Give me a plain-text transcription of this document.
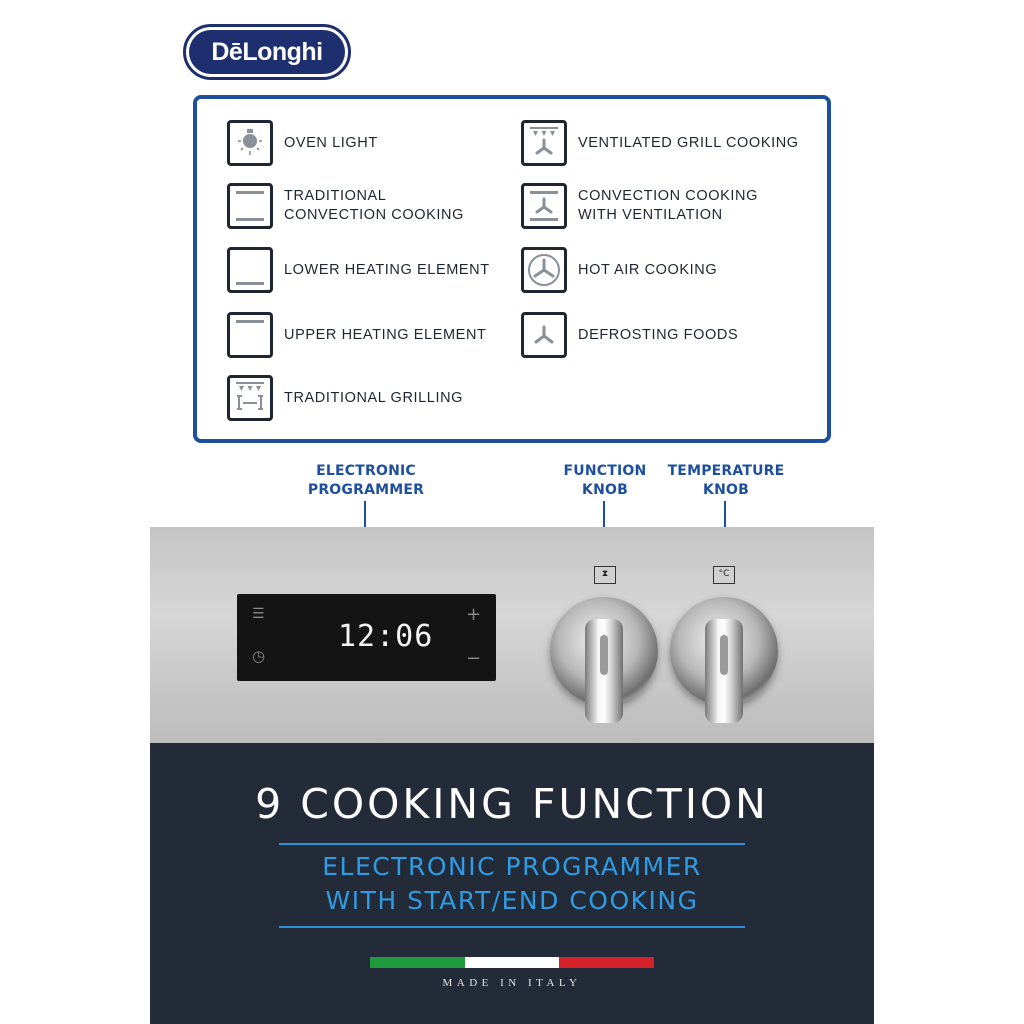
DēLonghi
OVEN LIGHT
TRADITIONAL
CONVECTION COOKING
LOWER HEATING ELEMENT
UPPER HEATING ELEMENT
TRADITIONAL GRILLING
VENTILATED GRILL COOKING
CONVECTION COOKING
WITH VENTILATION
HOT AIR COOKING
DEFROSTING FOODS
ELECTRONIC
PROGRAMMER
FUNCTION
KNOB
TEMPERATURE
KNOB
☰
◷
12:06
+
−
⧗	°C
9 COOKING FUNCTION
ELECTRONIC PROGRAMMER
WITH START/END COOKING
MADE IN ITALY
